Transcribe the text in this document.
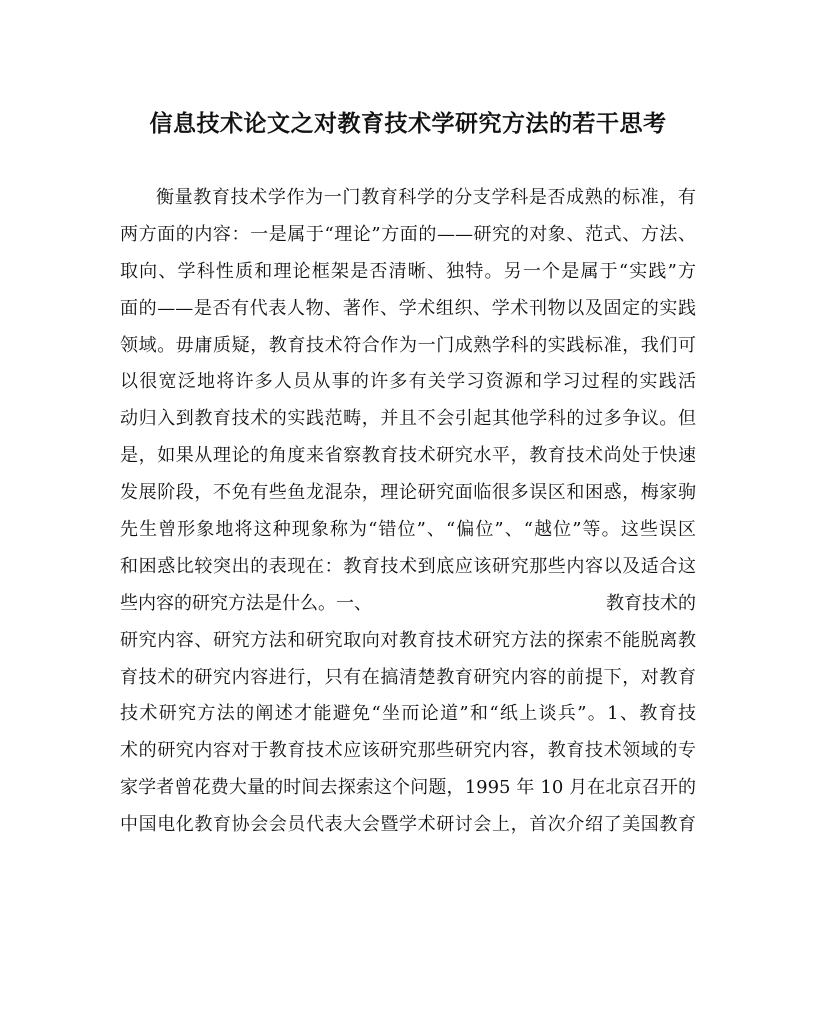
信息技术论文之对教育技术学研究方法的若干思考
衡量教育技术学作为一门教育科学的分支学科是否成熟的标准，有
两方面的内容：一是属于“理论”方面的——研究的对象、范式、方法、
取向、学科性质和理论框架是否清晰、独特。另一个是属于“实践”方
面的——是否有代表人物、著作、学术组织、学术刊物以及固定的实践
领域。毋庸质疑，教育技术符合作为一门成熟学科的实践标准，我们可
以很宽泛地将许多人员从事的许多有关学习资源和学习过程的实践活
动归入到教育技术的实践范畴，并且不会引起其他学科的过多争议。但
是，如果从理论的角度来省察教育技术研究水平，教育技术尚处于快速
发展阶段，不免有些鱼龙混杂，理论研究面临很多误区和困惑，梅家驹
先生曾形象地将这种现象称为“错位”、“偏位”、“越位”等。这些误区
和困惑比较突出的表现在：教育技术到底应该研究那些内容以及适合这
些内容的研究方法是什么。一、	教育技术的
研究内容、研究方法和研究取向对教育技术研究方法的探索不能脱离教
育技术的研究内容进行，只有在搞清楚教育研究内容的前提下，对教育
技术研究方法的阐述才能避免“坐而论道”和“纸上谈兵”。1、教育技
术的研究内容对于教育技术应该研究那些研究内容，教育技术领域的专
家学者曾花费大量的时间去探索这个问题，1995 年 10 月在北京召开的
中国电化教育协会会员代表大会暨学术研讨会上，首次介绍了美国教育
